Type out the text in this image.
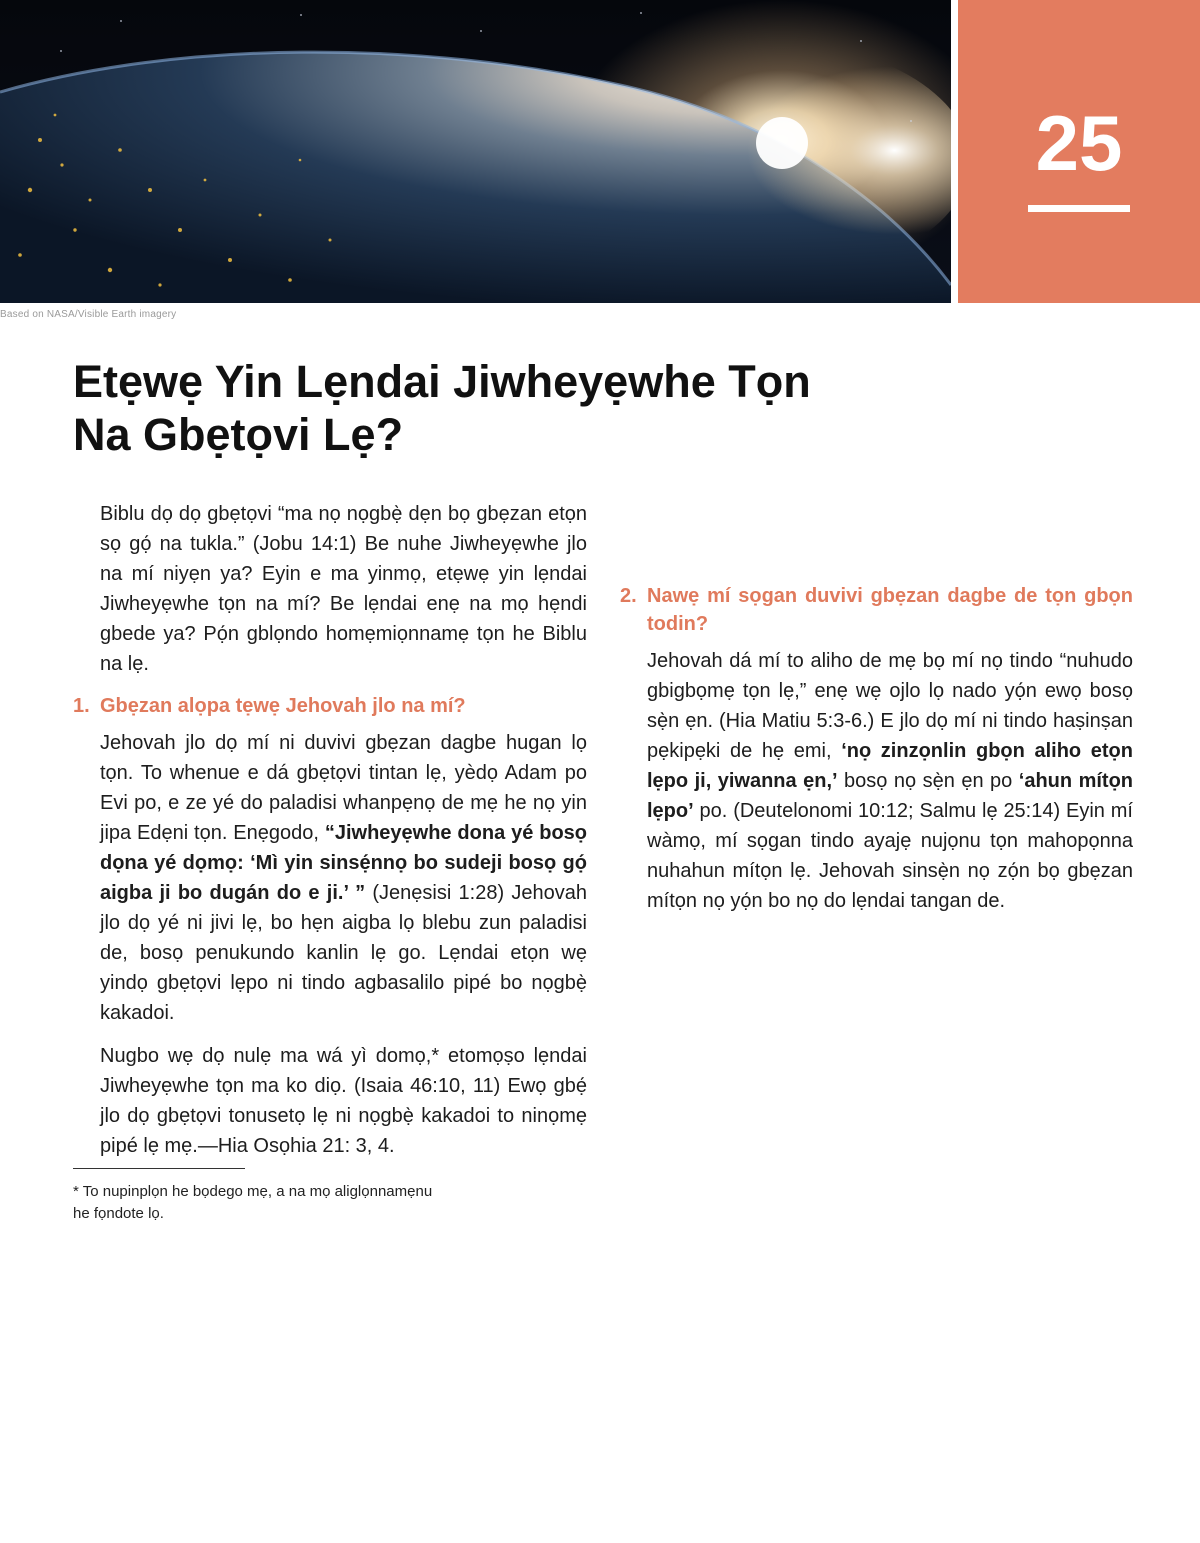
Based on NASA/Visible Earth imagery
25
Etẹwẹ Yin Lẹndai Jiwheyẹwhe Tọn
Na Gbẹtọvi Lẹ?

Biblu dọ dọ gbẹtọvi “ma nọ nọgbẹ̀ dẹn bọ gbẹzan etọn sọ gọ́ na tukla.” (Jobu 14:1) Be nuhe Jiwheyẹwhe jlo na mí niyẹn ya? Eyin e ma yinmọ, etẹwẹ yin lẹndai Jiwheyẹwhe tọn na mí? Be lẹndai enẹ na mọ hẹndi gbede ya? Pọ́n gblọndo homẹmiọnnamẹ tọn he Biblu na lẹ.

1. Gbẹzan alọpa tẹwẹ Jehovah jlo na mí?

Jehovah jlo dọ mí ni duvivi gbẹzan dagbe hugan lọ tọn. To whenue e dá gbẹtọvi tintan lẹ, yèdọ Adam po Evi po, e ze yé do paladisi whanpẹnọ de mẹ he nọ yin jipa Edẹni tọn. Enẹgodo, “Jiwheyẹwhe dona yé bosọ dọna yé dọmọ: ‘Mì yin sinsẹ́nnọ bo sudeji bosọ gọ́ aigba ji bo dugán do e ji.’ ” (Jenẹsisi 1:28) Jehovah jlo dọ yé ni jivi lẹ, bo hẹn aigba lọ blebu zun paladisi de, bosọ penukundo kanlin lẹ go. Lẹndai etọn wẹ yindọ gbẹtọvi lẹpo ni tindo agbasalilo pipé bo nọgbẹ̀ kakadoi.

Nugbo wẹ dọ nulẹ ma wá yì domọ,* etomọṣo lẹndai Jiwheyẹwhe tọn ma ko diọ. (Isaia 46:10, 11) Ewọ gbẹ́ jlo dọ gbẹtọvi tonusetọ lẹ ni nọgbẹ̀ kakadoi to ninọmẹ pipé lẹ mẹ.—Hia Osọhia 21: 3, 4.

* To nupinplọn he bọdego mẹ, a na mọ aliglọnnamẹnu
he fọndote lọ.

2. Nawẹ mí sọgan duvivi gbẹzan dagbe de tọn gbọn todin?

Jehovah dá mí to aliho de mẹ bọ mí nọ tindo “nuhudo gbigbọmẹ tọn lẹ,” enẹ wẹ ojlo lọ nado yọ́n ewọ bosọ sẹ̀n ẹn. (Hia Matiu 5:3-6.) E jlo dọ mí ni tindo haṣinṣan pẹkipẹki de hẹ emi, ‘nọ zinzọnlin gbọn aliho etọn lẹpo ji, yiwanna ẹn,’ bosọ nọ sẹ̀n ẹn po ‘ahun mítọn lẹpo’ po. (Deutelonomi 10:12; Salmu lẹ 25:14) Eyin mí wàmọ, mí sọgan tindo ayajẹ nujọnu tọn mahopọnna nuhahun mítọn lẹ. Jehovah sinsẹ̀n nọ zọ́n bọ gbẹzan mítọn nọ yọ́n bo nọ do lẹndai tangan de.
